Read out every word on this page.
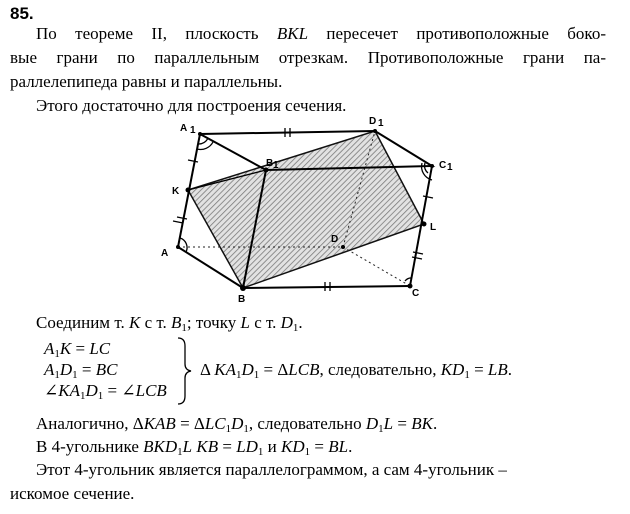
85.
По теореме II, плоскость BKL пересечет противоположные боко-
вые грани по параллельным отрезкам. Противоположные грани па-
раллелепипеда равны и параллельны.
Этого достаточно для построения сечения.
A 1
D 1
B 1	C 1
K
A
D
L
B
C
Соединим т. K с т. $B_1$; точку L с т. $D_1$.
$A_1K$ = LC
$A_1D_1$ = BC
$\angle KA_1D_1$ = ∠LCB
Δ $KA_1D_1 = \Delta LCB$, следовательно, $KD_1$ = LB.
Аналогично, $\Delta KAB = \Delta LC_1D_1$, следовательно $D_1L$ = BK.
В 4-угольнике $BKD_1L$ KB = $LD_1$ и $KD_1$ = BL.
Этот 4-угольник является параллелограммом, а сам 4-угольник –
искомое сечение.
